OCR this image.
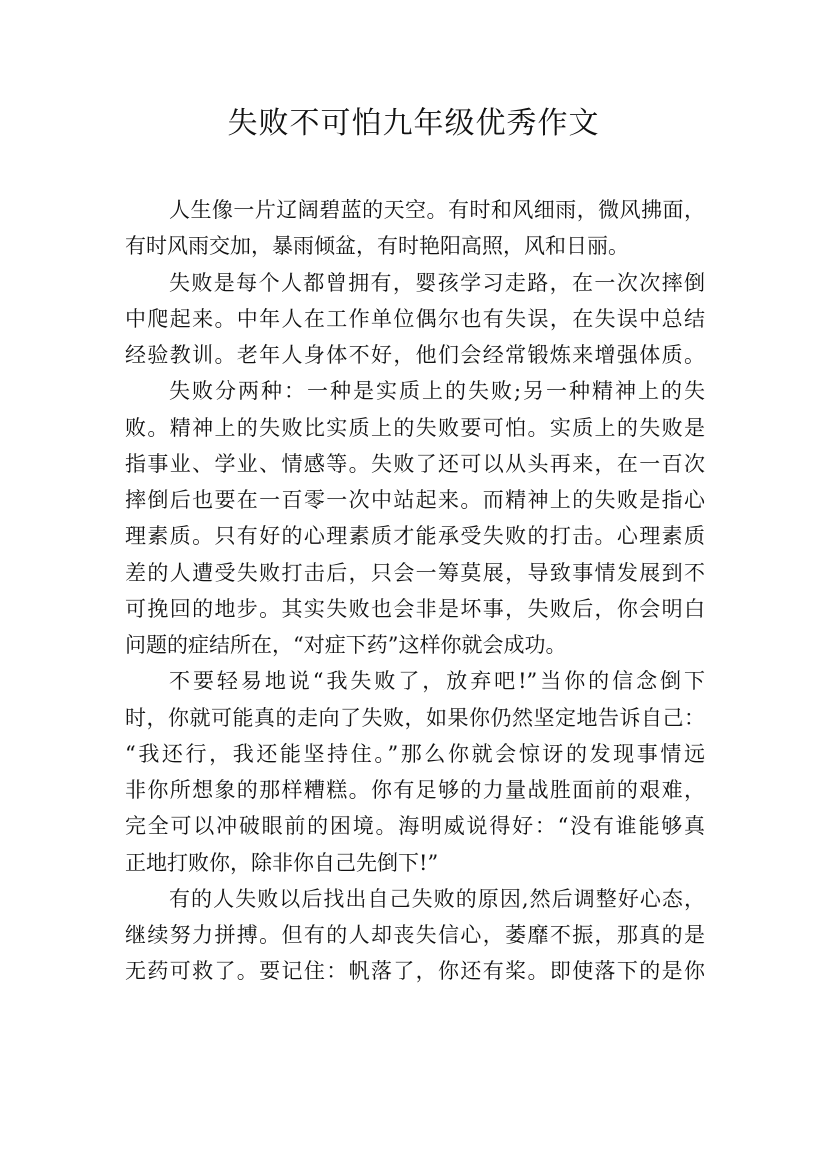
失败不可怕九年级优秀作文
人生像一片辽阔碧蓝的天空。有时和风细雨，微风拂面，
有时风雨交加，暴雨倾盆，有时艳阳高照，风和日丽。
失败是每个人都曾拥有，婴孩学习走路，在一次次摔倒
中爬起来。中年人在工作单位偶尔也有失误，在失误中总结
经验教训。老年人身体不好，他们会经常锻炼来增强体质。
失败分两种：一种是实质上的失败;另一种精神上的失
败。精神上的失败比实质上的失败要可怕。实质上的失败是
指事业、学业、情感等。失败了还可以从头再来，在一百次
摔倒后也要在一百零一次中站起来。而精神上的失败是指心
理素质。只有好的心理素质才能承受失败的打击。心理素质
差的人遭受失败打击后，只会一筹莫展，导致事情发展到不
可挽回的地步。其实失败也会非是坏事，失败后，你会明白
问题的症结所在，“对症下药”这样你就会成功。
不要轻易地说“我失败了，放弃吧!”当你的信念倒下
时，你就可能真的走向了失败，如果你仍然坚定地告诉自己：
“我还行，我还能坚持住。”那么你就会惊讶的发现事情远
非你所想象的那样糟糕。你有足够的力量战胜面前的艰难，
完全可以冲破眼前的困境。海明威说得好：“没有谁能够真
正地打败你，除非你自己先倒下!”
有的人失败以后找出自己失败的原因,然后调整好心态，
继续努力拼搏。但有的人却丧失信心，萎靡不振，那真的是
无药可救了。要记住：帆落了，你还有桨。即使落下的是你
